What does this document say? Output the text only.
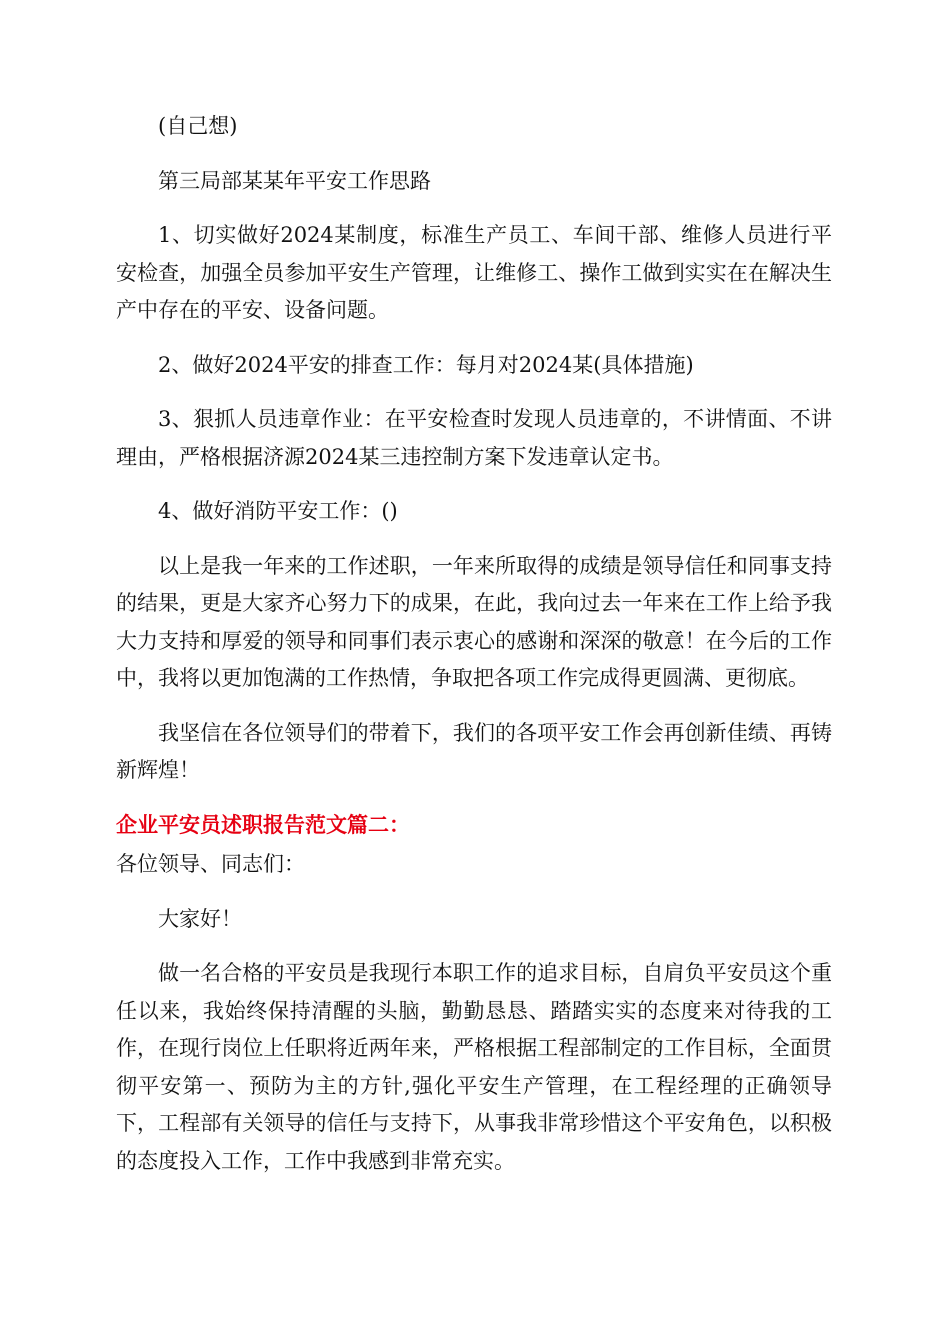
(自己想)

第三局部某某年平安工作思路

1、切实做好2024某制度，标准生产员工、车间干部、维修人员进行平安检查，加强全员参加平安生产管理，让维修工、操作工做到实实在在解决生产中存在的平安、设备问题。

2、做好2024平安的排查工作：每月对2024某(具体措施)

3、狠抓人员违章作业：在平安检查时发现人员违章的，不讲情面、不讲理由，严格根据济源2024某三违控制方案下发违章认定书。

4、做好消防平安工作：()

以上是我一年来的工作述职，一年来所取得的成绩是领导信任和同事支持的结果，更是大家齐心努力下的成果，在此，我向过去一年来在工作上给予我大力支持和厚爱的领导和同事们表示衷心的感谢和深深的敬意！在今后的工作中，我将以更加饱满的工作热情，争取把各项工作完成得更圆满、更彻底。

我坚信在各位领导们的带着下，我们的各项平安工作会再创新佳绩、再铸新辉煌！

企业平安员述职报告范文篇二：

各位领导、同志们：

大家好！

做一名合格的平安员是我现行本职工作的追求目标，自肩负平安员这个重任以来，我始终保持清醒的头脑，勤勤恳恳、踏踏实实的态度来对待我的工作，在现行岗位上任职将近两年来，严格根据工程部制定的工作目标，全面贯彻平安第一、预防为主的方针,强化平安生产管理，在工程经理的正确领导下，工程部有关领导的信任与支持下，从事我非常珍惜这个平安角色，以积极的态度投入工作，工作中我感到非常充实。
